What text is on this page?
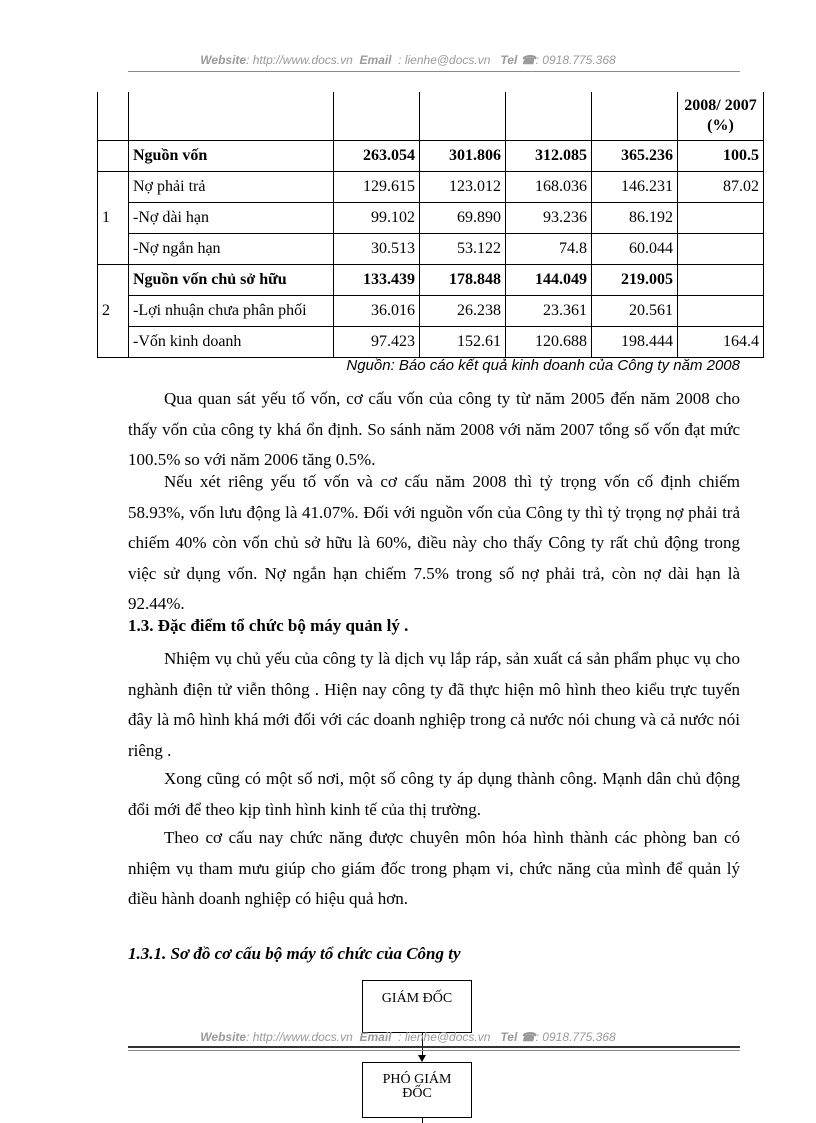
Website: http://www.docs.vn Email : lienhe@docs.vn Tel ☎: 0918.775.368
						2008/ 2007
(%)
	Nguồn vốn	263.054	301.806	312.085	365.236	100.5
1	Nợ phải trả	129.615	123.012	168.036	146.231	87.02
	-Nợ dài hạn	99.102	69.890	93.236	86.192	
	-Nợ ngắn hạn	30.513	53.122	74.8	60.044	
2	Nguồn vốn chủ sở hữu	133.439	178.848	144.049	219.005	
	-Lợi nhuận chưa phân phối	36.016	26.238	23.361	20.561	
	-Vốn kinh doanh	97.423	152.61	120.688	198.444	164.4
Nguồn: Báo cáo kết quả kinh doanh của Công ty năm 2008

Qua quan sát yếu tố vốn, cơ cấu vốn của công ty từ năm 2005 đến năm 2008 cho thấy vốn của công ty khá ổn định. So sánh năm 2008 với năm 2007 tổng số vốn đạt mức 100.5% so với năm 2006 tăng 0.5%.

Nếu xét riêng yếu tố vốn và cơ cấu năm 2008 thì tỷ trọng vốn cố định chiếm 58.93%, vốn lưu động là 41.07%. Đối với nguồn vốn của Công ty thì tỷ trọng nợ phải trả chiếm 40% còn vốn chủ sở hữu là 60%, điều này cho thấy Công ty rất chủ động trong việc sử dụng vốn. Nợ ngắn hạn chiếm 7.5% trong số nợ phải trả, còn nợ dài hạn là 92.44%.

1.3. Đặc điểm tổ chức bộ máy quản lý .

Nhiệm vụ chủ yếu của công ty là dịch vụ lắp ráp, sản xuất cá sản phẩm phục vụ cho nghành điện tử viễn thông . Hiện nay công ty đã thực hiện mô hình theo kiểu trực tuyến đây là mô hình khá mới đối với các doanh nghiệp trong cả nước nói chung và cả nước nói riêng .

Xong cũng có một số nơi, một số công ty áp dụng thành công. Mạnh dân chủ động đổi mới để theo kịp tình hình kinh tế của thị trường.

Theo cơ cấu nay chức năng được chuyên môn hóa hình thành các phòng ban có nhiệm vụ tham mưu giúp cho giám đốc trong phạm vi, chức năng của mình để quản lý điều hành doanh nghiệp có hiệu quả hơn.

1.3.1. Sơ đồ cơ cấu bộ máy tổ chức của Công ty

GIÁM ĐỐC
PHÓ GIÁM
ĐỐC
Website: http://www.docs.vn Email : lienhe@docs.vn Tel ☎: 0918.775.368
